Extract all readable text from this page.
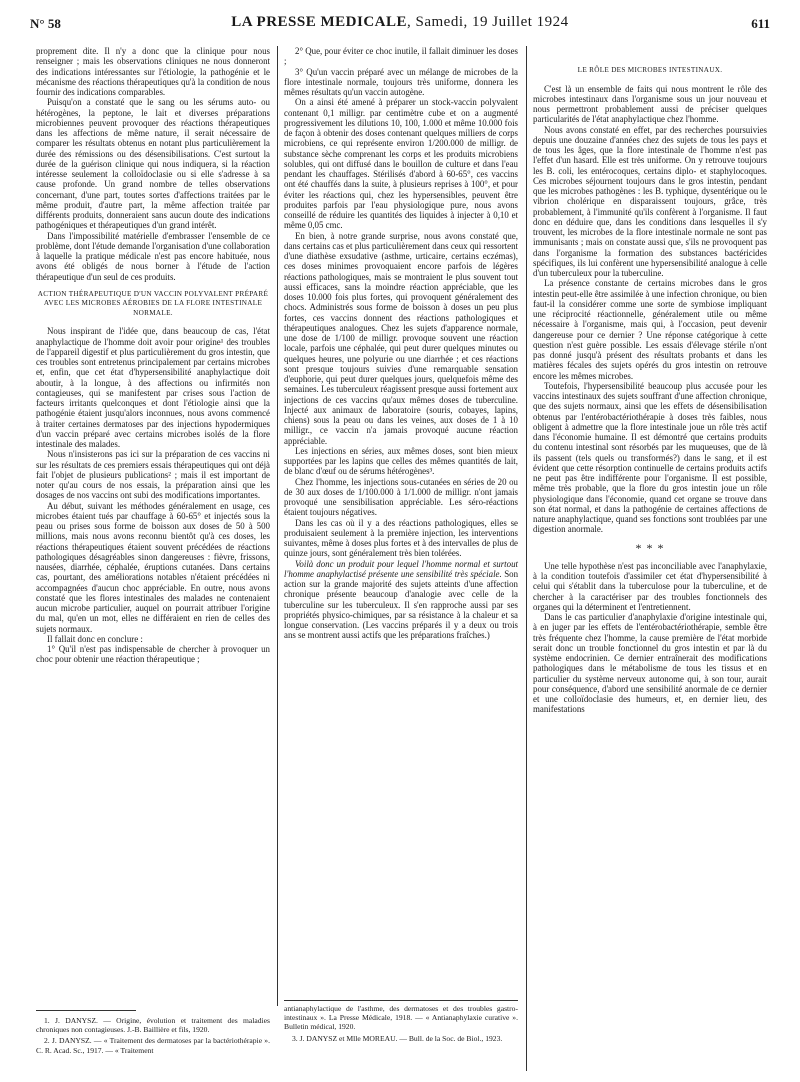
N° 58	LA PRESSE MEDICALE, Samedi, 19 Juillet 1924	611

proprement dite. Il n'y a donc que la clinique pour nous renseigner ; mais les observations cliniques ne nous donneront des indications intéressantes sur l'étiologie, la pathogénie et le mécanisme des réactions thérapeutiques qu'à la condition de nous fournir des indications comparables.

Puisqu'on a constaté que le sang ou les sérums auto- ou hétérogènes, la peptone, le lait et diverses préparations microbiennes peuvent provoquer des réactions thérapeutiques dans les affections de même nature, il serait nécessaire de comparer les résultats obtenus en notant plus particulièrement la durée des rémissions ou des désensibilisations. C'est surtout la durée de la guérison clinique qui nous indiquera, si la réaction intéresse seulement la colloïdoclasie ou si elle s'adresse à sa cause profonde. Un grand nombre de telles observations concernant, d'une part, toutes sortes d'affections traitées par le même produit, d'autre part, la même affection traitée par différents produits, donneraient sans aucun doute des indications pathogéniques et thérapeutiques d'un grand intérêt.

Dans l'impossibilité matérielle d'embrasser l'ensemble de ce problème, dont l'étude demande l'organisation d'une collaboration à laquelle la pratique médicale n'est pas encore habituée, nous avons été obligés de nous borner à l'étude de l'action thérapeutique d'un seul de ces produits.

ACTION THÉRAPEUTIQUE D'UN VACCIN POLYVALENT PRÉPARÉ AVEC LES MICROBES AÉROBIES DE LA FLORE INTESTINALE NORMALE.

Nous inspirant de l'idée que, dans beaucoup de cas, l'état anaphylactique de l'homme doit avoir pour origine¹ des troubles de l'appareil digestif et plus particulièrement du gros intestin, que ces troubles sont entretenus principalement par certains microbes et, enfin, que cet état d'hypersensibilité anaphylactique doit aboutir, à la longue, à des affections ou infirmités non contagieuses, qui se manifestent par crises sous l'action de facteurs irritants quelconques et dont l'étiologie ainsi que la pathogénie étaient jusqu'alors inconnues, nous avons commencé à traiter certaines dermatoses par des injections hypodermiques d'un vaccin préparé avec certains microbes isolés de la flore intestinale des malades.

Nous n'insisterons pas ici sur la préparation de ces vaccins ni sur les résultats de ces premiers essais thérapeutiques qui ont déjà fait l'objet de plusieurs publications² ; mais il est important de noter qu'au cours de nos essais, la préparation ainsi que les dosages de nos vaccins ont subi des modifications importantes.

Au début, suivant les méthodes généralement en usage, ces microbes étaient tués par chauffage à 60-65° et injectés sous la peau ou prises sous forme de boisson aux doses de 50 à 500 millions, mais nous avons reconnu bientôt qu'à ces doses, les réactions thérapeutiques étaient souvent précédées de réactions pathologiques désagréables sinon dangereuses : fièvre, frissons, nausées, diarrhée, céphalée, éruptions cutanées. Dans certains cas, pourtant, des améliorations notables n'étaient précédées ni accompagnées d'aucun choc appréciable. En outre, nous avons constaté que les flores intestinales des malades ne contenaient aucun microbe particulier, auquel on pourrait attribuer l'origine du mal, qu'en un mot, elles ne différaient en rien de celles des sujets normaux.

Il fallait donc en conclure :

1° Qu'il n'est pas indispensable de chercher à provoquer un choc pour obtenir une réaction thérapeutique ;

2° Que, pour éviter ce choc inutile, il fallait diminuer les doses ;

3° Qu'un vaccin préparé avec un mélange de microbes de la flore intestinale normale, toujours très uniforme, donnera les mêmes résultats qu'un vaccin autogène.

On a ainsi été amené à préparer un stock-vaccin polyvalent contenant 0,1 milligr. par centimètre cube et on a augmenté progressivement les dilutions 10, 100, 1.000 et même 10.000 fois de façon à obtenir des doses contenant quelques milliers de corps microbiens, ce qui représente environ 1/200.000 de milligr. de substance sèche comprenant les corps et les produits microbiens solubles, qui ont diffusé dans le bouillon de culture et dans l'eau pendant les chauffages. Stérilisés d'abord à 60-65°, ces vaccins ont été chauffés dans la suite, à plusieurs reprises à 100°, et pour éviter les réactions qui, chez les hypersensibles, peuvent être produites parfois par l'eau physiologique pure, nous avons conseillé de réduire les quantités des liquides à injecter à 0,10 et même 0,05 cmc.

En bien, à notre grande surprise, nous avons constaté que, dans certains cas et plus particulièrement dans ceux qui ressortent d'une diathèse exsudative (asthme, urticaire, certains eczémas), ces doses minimes provoquaient encore parfois de légères réactions pathologiques, mais se montraient le plus souvent tout aussi efficaces, sans la moindre réaction appréciable, que les doses 10.000 fois plus fortes, qui provoquent généralement des chocs. Administrés sous forme de boisson à doses un peu plus fortes, ces vaccins donnent des réactions pathologiques et thérapeutiques analogues. Chez les sujets d'apparence normale, une dose de 1/100 de milligr. provoque souvent une réaction locale, parfois une céphalée, qui peut durer quelques minutes ou quelques heures, une polyurie ou une diarrhée ; et ces réactions sont presque toujours suivies d'une remarquable sensation d'euphorie, qui peut durer quelques jours, quelquefois même des semaines. Les tuberculeux réagissent presque aussi fortement aux injections de ces vaccins qu'aux mêmes doses de tuberculine. Injecté aux animaux de laboratoire (souris, cobayes, lapins, chiens) sous la peau ou dans les veines, aux doses de 1 à 10 milligr., ce vaccin n'a jamais provoqué aucune réaction appréciable.

Les injections en séries, aux mêmes doses, sont bien mieux supportées par les lapins que celles des mêmes quantités de lait, de blanc d'œuf ou de sérums hétérogènes³.

Chez l'homme, les injections sous-cutanées en séries de 20 ou de 30 aux doses de 1/100.000 à 1/1.000 de milligr. n'ont jamais provoqué une sensibilisation appréciable. Les séro-réactions étaient toujours négatives.

Dans les cas où il y a des réactions pathologiques, elles se produisaient seulement à la première injection, les interventions suivantes, même à doses plus fortes et à des intervalles de plus de quinze jours, sont généralement très bien tolérées.

Voilà donc un produit pour lequel l'homme normal et surtout l'homme anaphylactisé présente une sensibilité très spéciale. Son action sur la grande majorité des sujets atteints d'une affection chronique présente beaucoup d'analogie avec celle de la tuberculine sur les tuberculeux. Il s'en rapproche aussi par ses propriétés physico-chimiques, par sa résistance à la chaleur et sa longue conservation. (Les vaccins préparés il y a deux ou trois ans se montrent aussi actifs que les préparations fraîches.)

LE RÔLE DES MICROBES INTESTINAUX.

C'est là un ensemble de faits qui nous montrent le rôle des microbes intestinaux dans l'organisme sous un jour nouveau et nous permettront probablement aussi de préciser quelques particularités de l'état anaphylactique chez l'homme.

Nous avons constaté en effet, par des recherches poursuivies depuis une douzaine d'années chez des sujets de tous les pays et de tous les âges, que la flore intestinale de l'homme n'est pas l'effet d'un hasard. Elle est très uniforme. On y retrouve toujours les B. coli, les entérocoques, certains diplo- et staphylocoques. Ces microbes séjournent toujours dans le gros intestin, pendant que les microbes pathogènes : les B. typhique, dysentérique ou le vibrion cholérique en disparaissent toujours, grâce, très probablement, à l'immunité qu'ils confèrent à l'organisme. Il faut donc en déduire que, dans les conditions dans lesquelles il s'y trouvent, les microbes de la flore intestinale normale ne sont pas immunisants ; mais on constate aussi que, s'ils ne provoquent pas dans l'organisme la formation des substances bactéricides spécifiques, ils lui confèrent une hypersensibilité analogue à celle d'un tuberculeux pour la tuberculine.

La présence constante de certains microbes dans le gros intestin peut-elle être assimilée à une infection chronique, ou bien faut-il la considérer comme une sorte de symbiose impliquant une réciprocité réactionnelle, généralement utile ou même nécessaire à l'organisme, mais qui, à l'occasion, peut devenir dangereuse pour ce dernier ? Une réponse catégorique à cette question n'est guère possible. Les essais d'élevage stérile n'ont pas donné jusqu'à présent des résultats probants et dans les matières fécales des sujets opérés du gros intestin on retrouve encore les mêmes microbes.

Toutefois, l'hypersensibilité beaucoup plus accusée pour les vaccins intestinaux des sujets souffrant d'une affection chronique, que des sujets normaux, ainsi que les effets de désensibilisation obtenus par l'entérobactériothérapie à doses très faibles, nous obligent à admettre que la flore intestinale joue un rôle très actif dans l'économie humaine. Il est démontré que certains produits du contenu intestinal sont résorbés par les muqueuses, que de là ils passent (tels quels ou transformés?) dans le sang, et il est évident que cette résorption continuelle de certains produits actifs ne peut pas être indifférente pour l'organisme. Il est possible, même très probable, que la flore du gros intestin joue un rôle physiologique dans l'économie, quand cet organe se trouve dans son état normal, et dans la pathogénie de certaines affections de nature anaphylactique, quand ses fonctions sont troublées par une digestion anormale.

* * *

Une telle hypothèse n'est pas inconciliable avec l'anaphylaxie, à la condition toutefois d'assimiler cet état d'hypersensibilité à celui qui s'établit dans la tuberculose pour la tuberculine, et de chercher à la caractériser par des troubles fonctionnels des organes qui la déterminent et l'entretiennent.

Dans le cas particulier d'anaphylaxie d'origine intestinale qui, à en juger par les effets de l'entérobactériothérapie, semble être très fréquente chez l'homme, la cause première de l'état morbide serait donc un trouble fonctionnel du gros intestin et par là du système endocrinien. Ce dernier entraînerait des modifications pathologiques dans le métabolisme de tous les tissus et en particulier du système nerveux autonome qui, à son tour, aurait pour conséquence, d'abord une sensibilité anormale de ce dernier et une colloïdoclasie des humeurs, et, en dernier lieu, des manifestations

1. J. DANYSZ. — Origine, évolution et traitement des maladies chroniques non contagieuses. J.-B. Baillière et fils, 1920.

2. J. DANYSZ. — « Traitement des dermatoses par la bactériothérapie ». C. R. Acad. Sc., 1917. — « Traitement

antianaphylactique de l'asthme, des dermatoses et des troubles gastro-intestinaux ». La Presse Médicale, 1918. — « Antianaphylaxie curative ». Bulletin médical, 1920.

3. J. DANYSZ et Mlle MOREAU. — Bull. de la Soc. de Biol., 1923.
